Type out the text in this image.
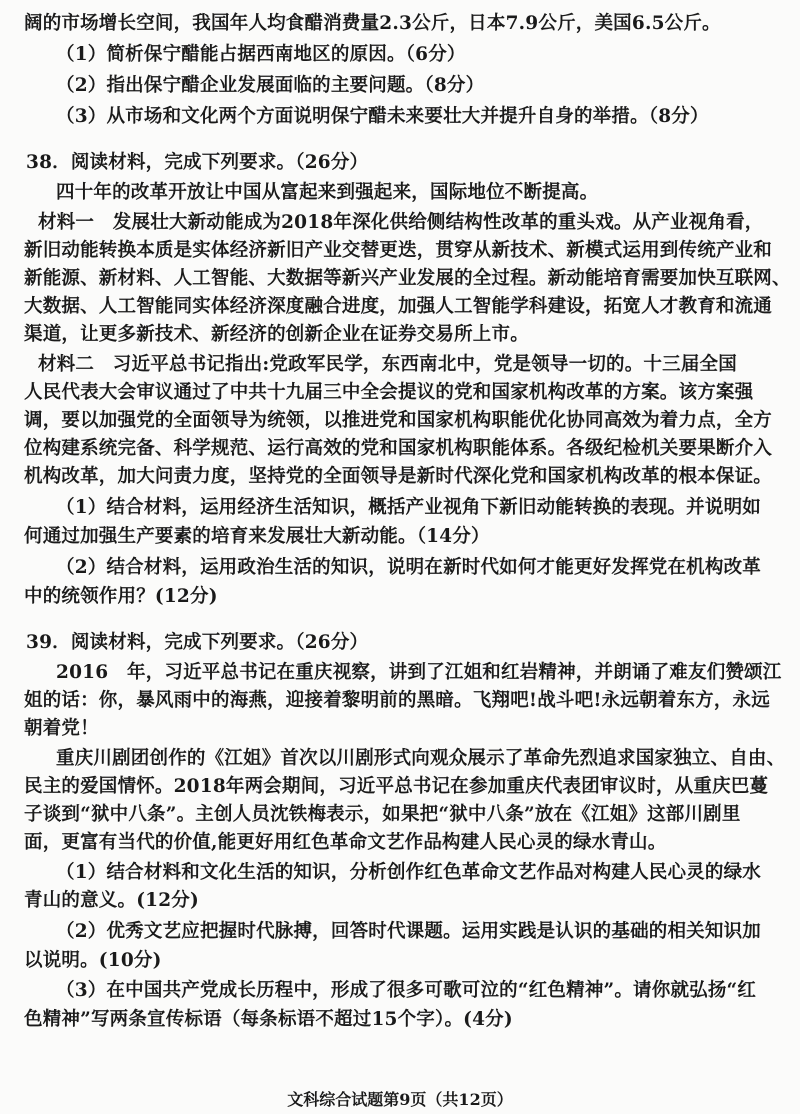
阔的市场增长空间，我国年人均食醋消费量2.3公斤，日本7.9公斤，美国6.5公斤。
（1）简析保宁醋能占据西南地区的原因。（6分）
（2）指出保宁醋企业发展面临的主要问题。（8分）
（3）从市场和文化两个方面说明保宁醋未来要壮大并提升自身的举措。（8分）
38．阅读材料，完成下列要求。（26分）
四十年的改革开放让中国从富起来到强起来，国际地位不断提高。
材料一　发展壮大新动能成为2018年深化供给侧结构性改革的重头戏。从产业视角看，
新旧动能转换本质是实体经济新旧产业交替更迭，贯穿从新技术、新模式运用到传统产业和
新能源、新材料、人工智能、大数据等新兴产业发展的全过程。新动能培育需要加快互联网、
大数据、人工智能同实体经济深度融合进度，加强人工智能学科建设，拓宽人才教育和流通
渠道，让更多新技术、新经济的创新企业在证券交易所上市。
材料二　习近平总书记指出:党政军民学，东西南北中，党是领导一切的。十三届全国
人民代表大会审议通过了中共十九届三中全会提议的党和国家机构改革的方案。该方案强
调，要以加强党的全面领导为统领，以推进党和国家机构职能优化协同高效为着力点，全方
位构建系统完备、科学规范、运行高效的党和国家机构职能体系。各级纪检机关要果断介入
机构改革，加大问责力度，坚持党的全面领导是新时代深化党和国家机构改革的根本保证。
（1）结合材料，运用经济生活知识，概括产业视角下新旧动能转换的表现。并说明如
何通过加强生产要素的培育来发展壮大新动能。（14分）
（2）结合材料，运用政治生活的知识，说明在新时代如何才能更好发挥党在机构改革
中的统领作用？(12分)
39．阅读材料，完成下列要求。（26分）
2016　年，习近平总书记在重庆视察，讲到了江姐和红岩精神，并朗诵了难友们赞颂江
姐的话：你，暴风雨中的海燕，迎接着黎明前的黑暗。飞翔吧!战斗吧!永远朝着东方，永远
朝着党！
重庆川剧团创作的《江姐》首次以川剧形式向观众展示了革命先烈追求国家独立、自由、
民主的爱国情怀。2018年两会期间，习近平总书记在参加重庆代表团审议时，从重庆巴蔓
子谈到“狱中八条”。主创人员沈铁梅表示，如果把“狱中八条”放在《江姐》这部川剧里
面，更富有当代的价值,能更好用红色革命文艺作品构建人民心灵的绿水青山。
（1）结合材料和文化生活的知识，分析创作红色革命文艺作品对构建人民心灵的绿水
青山的意义。(12分)
（2）优秀文艺应把握时代脉搏，回答时代课题。运用实践是认识的基础的相关知识加
以说明。(10分)
（3）在中国共产党成长历程中，形成了很多可歌可泣的“红色精神”。请你就弘扬“红
色精神”写两条宣传标语（每条标语不超过15个字）。(4分)
文科综合试题第9页（共12页）
